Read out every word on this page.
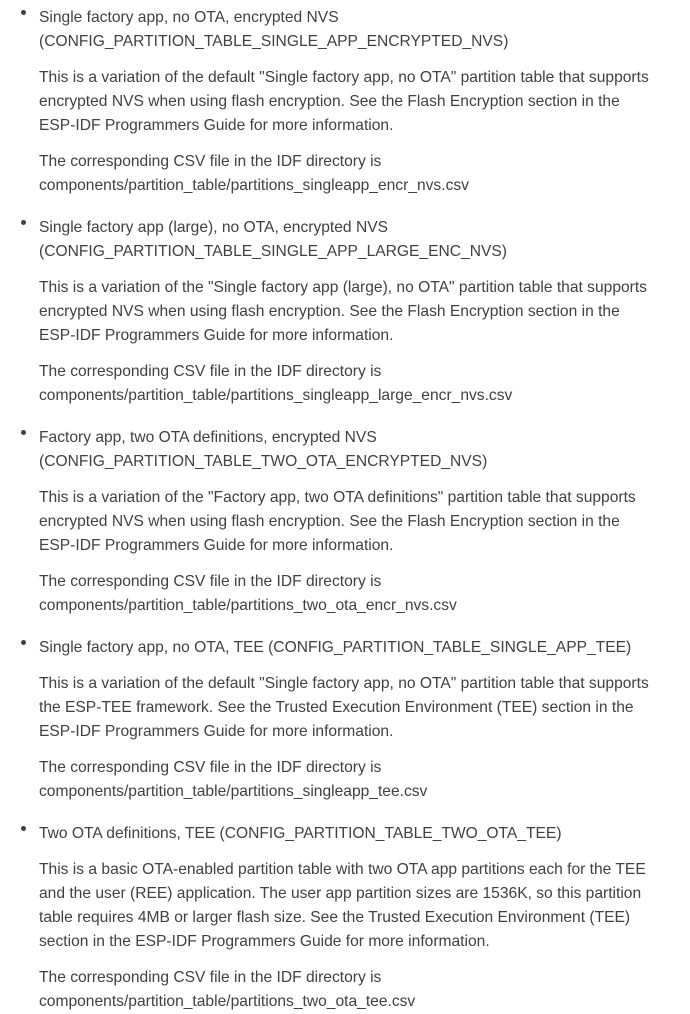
Single factory app, no OTA, encrypted NVS
(CONFIG_PARTITION_TABLE_SINGLE_APP_ENCRYPTED_NVS)

This is a variation of the default "Single factory app, no OTA" partition table that supports
encrypted NVS when using flash encryption. See the Flash Encryption section in the
ESP-IDF Programmers Guide for more information.

The corresponding CSV file in the IDF directory is
components/partition_table/partitions_singleapp_encr_nvs.csv

Single factory app (large), no OTA, encrypted NVS
(CONFIG_PARTITION_TABLE_SINGLE_APP_LARGE_ENC_NVS)

This is a variation of the "Single factory app (large), no OTA" partition table that supports
encrypted NVS when using flash encryption. See the Flash Encryption section in the
ESP-IDF Programmers Guide for more information.

The corresponding CSV file in the IDF directory is
components/partition_table/partitions_singleapp_large_encr_nvs.csv

Factory app, two OTA definitions, encrypted NVS
(CONFIG_PARTITION_TABLE_TWO_OTA_ENCRYPTED_NVS)

This is a variation of the "Factory app, two OTA definitions" partition table that supports
encrypted NVS when using flash encryption. See the Flash Encryption section in the
ESP-IDF Programmers Guide for more information.

The corresponding CSV file in the IDF directory is
components/partition_table/partitions_two_ota_encr_nvs.csv

Single factory app, no OTA, TEE (CONFIG_PARTITION_TABLE_SINGLE_APP_TEE)

This is a variation of the default "Single factory app, no OTA" partition table that supports
the ESP-TEE framework. See the Trusted Execution Environment (TEE) section in the
ESP-IDF Programmers Guide for more information.

The corresponding CSV file in the IDF directory is
components/partition_table/partitions_singleapp_tee.csv

Two OTA definitions, TEE (CONFIG_PARTITION_TABLE_TWO_OTA_TEE)

This is a basic OTA-enabled partition table with two OTA app partitions each for the TEE
and the user (REE) application. The user app partition sizes are 1536K, so this partition
table requires 4MB or larger flash size. See the Trusted Execution Environment (TEE)
section in the ESP-IDF Programmers Guide for more information.

The corresponding CSV file in the IDF directory is
components/partition_table/partitions_two_ota_tee.csv
